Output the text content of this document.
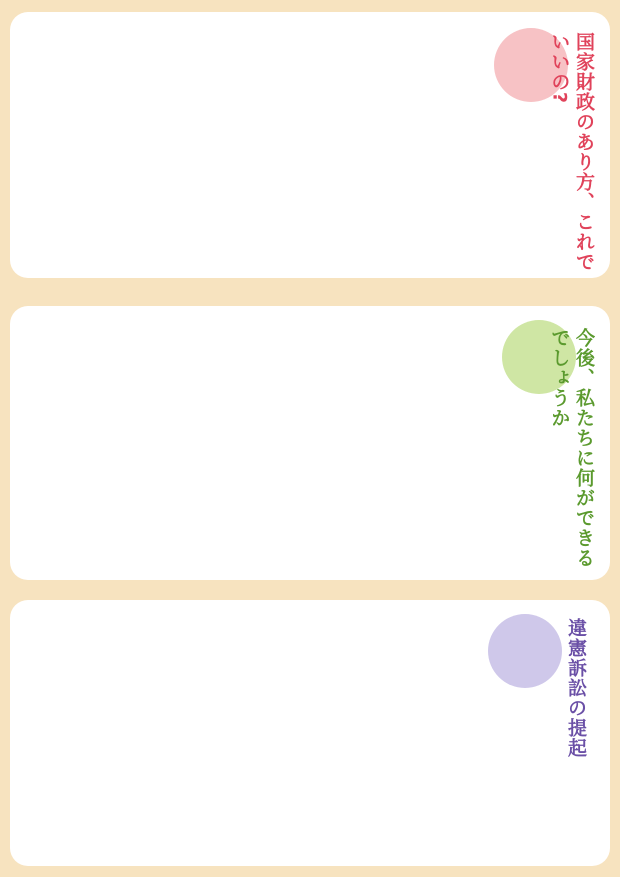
国家財政のあり方、これでいいの?
今後、私たちに何ができるでしょうか
違憲訴訟の提起
